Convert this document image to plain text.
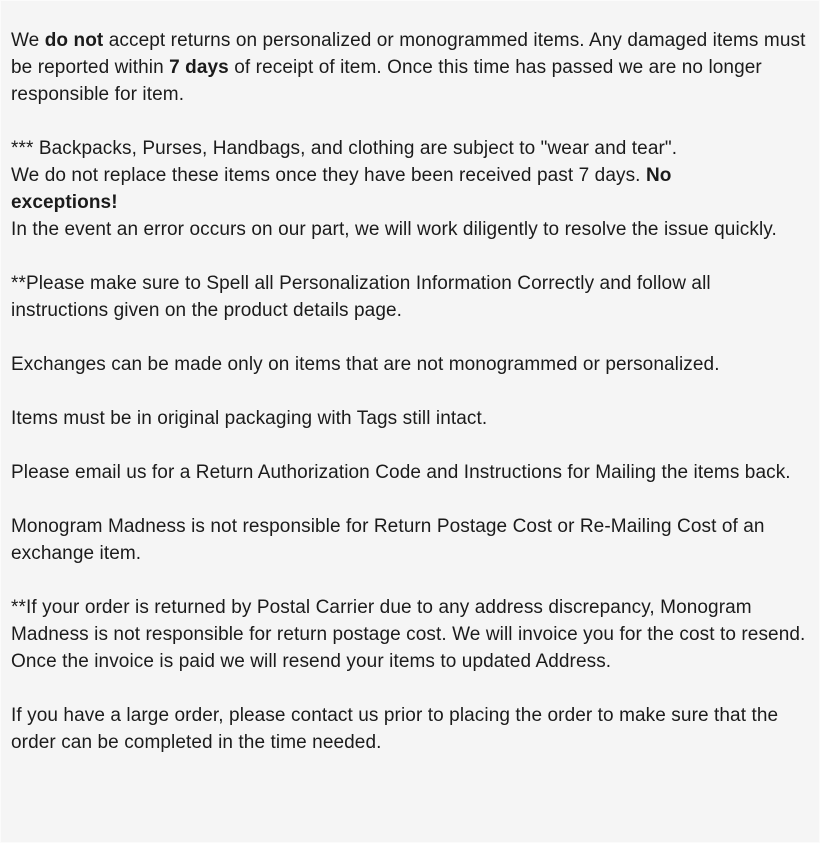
We do not accept returns on personalized or monogrammed items. Any damaged items must be reported within 7 days of receipt of item. Once this time has passed we are no longer responsible for item.

*** Backpacks, Purses, Handbags, and clothing are subject to "wear and tear".
We do not replace these items once they have been received past 7 days. No
exceptions!
In the event an error occurs on our part, we will work diligently to resolve the issue quickly.

**Please make sure to Spell all Personalization Information Correctly and follow all instructions given on the product details page.

Exchanges can be made only on items that are not monogrammed or personalized.

Items must be in original packaging with Tags still intact.

Please email us for a Return Authorization Code and Instructions for Mailing the items back.

Monogram Madness is not responsible for Return Postage Cost or Re-Mailing Cost of an exchange item.

**If your order is returned by Postal Carrier due to any address discrepancy, Monogram Madness is not responsible for return postage cost. We will invoice you for the cost to resend. Once the invoice is paid we will resend your items to updated Address.

If you have a large order, please contact us prior to placing the order to make sure that the order can be completed in the time needed.
